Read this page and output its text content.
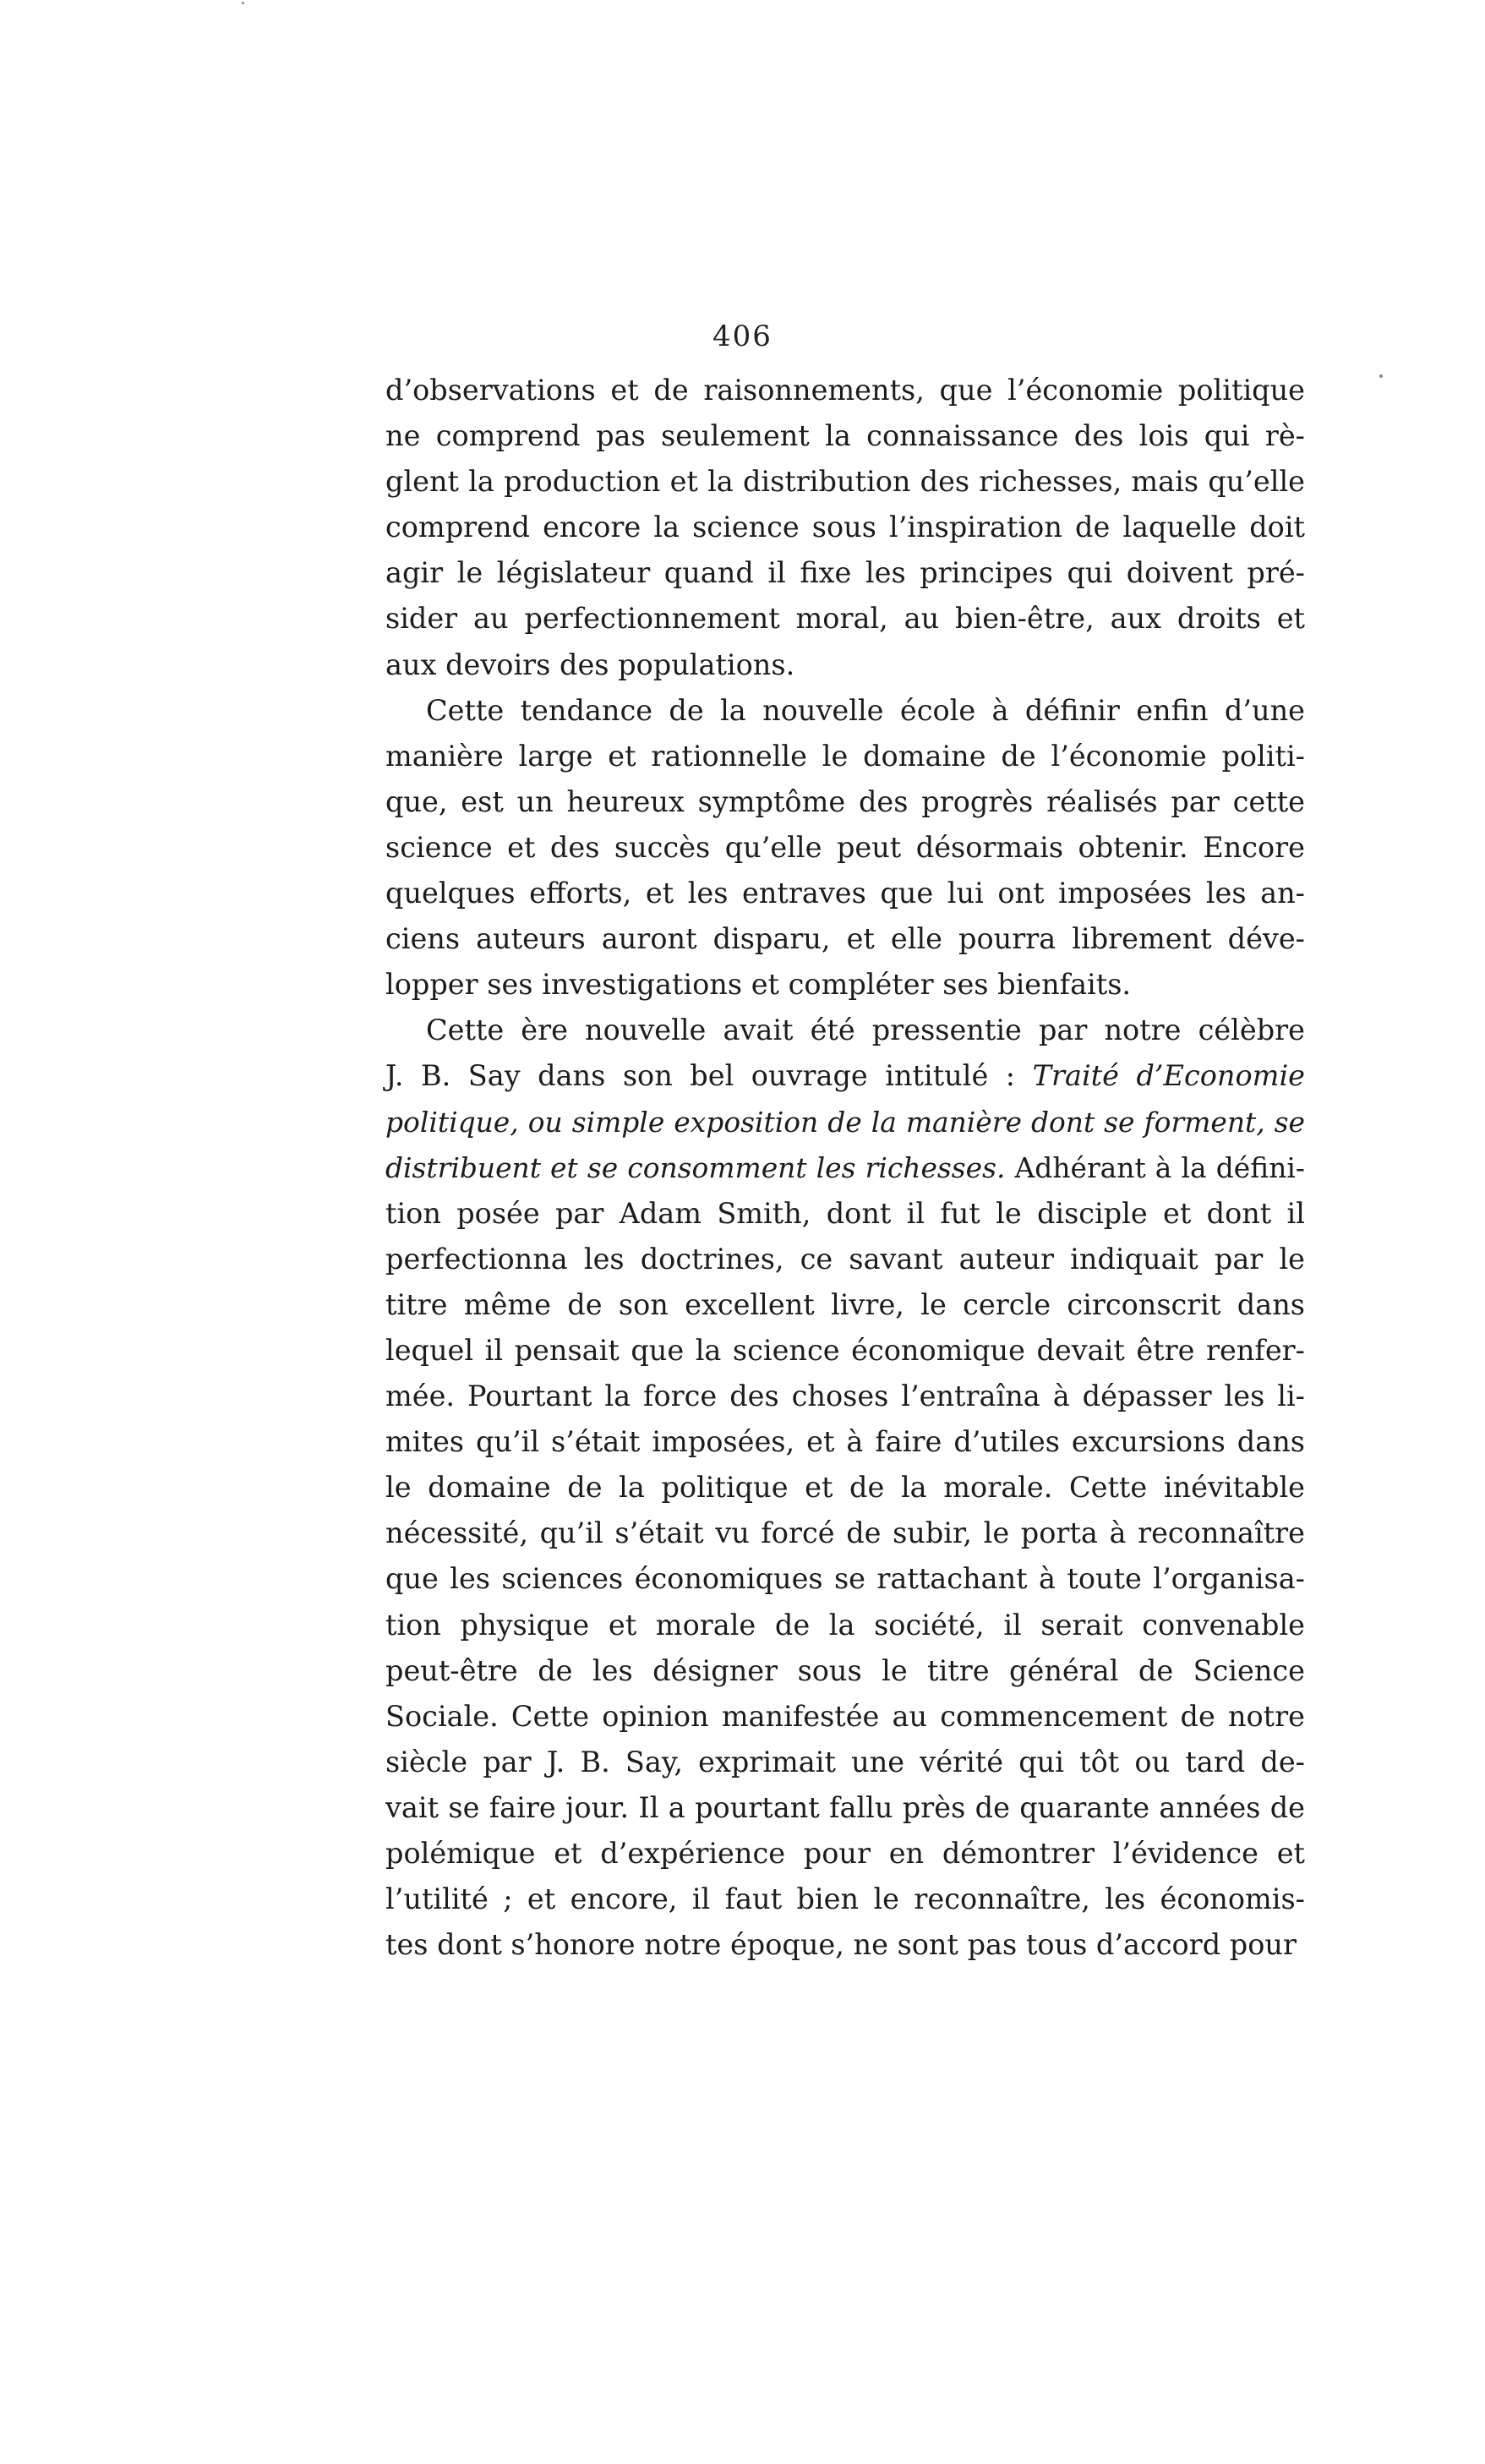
406
d’observations et de raisonnements, que l’économie politique
ne comprend pas seulement la connaissance des lois qui rè-
glent la production et la distribution des richesses, mais qu’elle
comprend encore la science sous l’inspiration de laquelle doit
agir le législateur quand il fixe les principes qui doivent pré-
sider au perfectionnement moral, au bien-être, aux droits et
aux devoirs des populations.
Cette tendance de la nouvelle école à définir enfin d’une
manière large et rationnelle le domaine de l’économie politi-
que, est un heureux symptôme des progrès réalisés par cette
science et des succès qu’elle peut désormais obtenir. Encore
quelques efforts, et les entraves que lui ont imposées les an-
ciens auteurs auront disparu, et elle pourra librement déve-
lopper ses investigations et compléter ses bienfaits.
Cette ère nouvelle avait été pressentie par notre célèbre
J. B. Say dans son bel ouvrage intitulé : Traité d’Economie
politique, ou simple exposition de la manière dont se forment, se
distribuent et se consomment les richesses. Adhérant à la défini-
tion posée par Adam Smith, dont il fut le disciple et dont il
perfectionna les doctrines, ce savant auteur indiquait par le
titre même de son excellent livre, le cercle circonscrit dans
lequel il pensait que la science économique devait être renfer-
mée. Pourtant la force des choses l’entraîna à dépasser les li-
mites qu’il s’était imposées, et à faire d’utiles excursions dans
le domaine de la politique et de la morale. Cette inévitable
nécessité, qu’il s’était vu forcé de subir, le porta à reconnaître
que les sciences économiques se rattachant à toute l’organisa-
tion physique et morale de la société, il serait convenable
peut-être de les désigner sous le titre général de Science
Sociale. Cette opinion manifestée au commencement de notre
siècle par J. B. Say, exprimait une vérité qui tôt ou tard de-
vait se faire jour. Il a pourtant fallu près de quarante années de
polémique et d’expérience pour en démontrer l’évidence et
l’utilité ; et encore, il faut bien le reconnaître, les économis-
tes dont s’honore notre époque, ne sont pas tous d’accord pour
